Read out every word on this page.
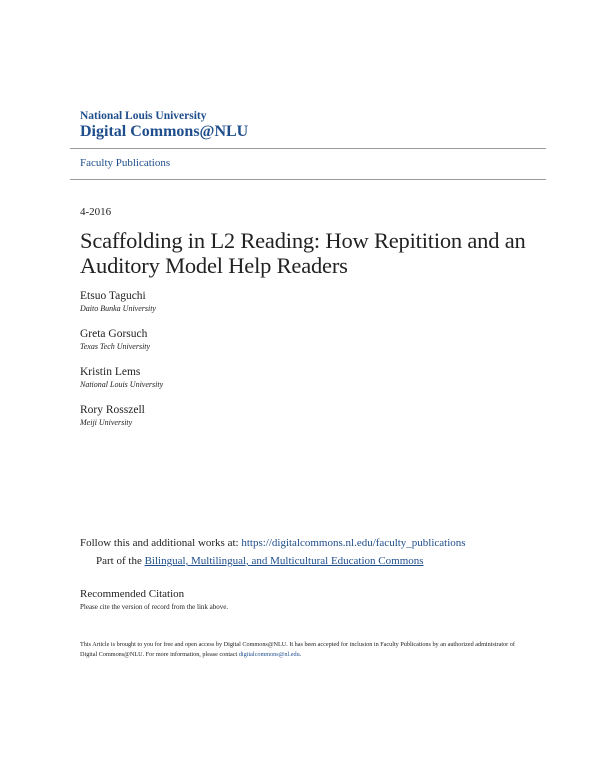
National Louis University
Digital Commons@NLU
Faculty Publications
4-2016
Scaffolding in L2 Reading: How Repitition and an Auditory Model Help Readers
Etsuo Taguchi
Daito Bunka University
Greta Gorsuch
Texas Tech University
Kristin Lems
National Louis University
Rory Rosszell
Meiji University
Follow this and additional works at: https://digitalcommons.nl.edu/faculty_publications
Part of the Bilingual, Multilingual, and Multicultural Education Commons
Recommended Citation
Please cite the version of record from the link above.
This Article is brought to you for free and open access by Digital Commons@NLU. It has been accepted for inclusion in Faculty Publications by an authorized administrator of Digital Commons@NLU. For more information, please contact digitalcommons@nl.edu.
